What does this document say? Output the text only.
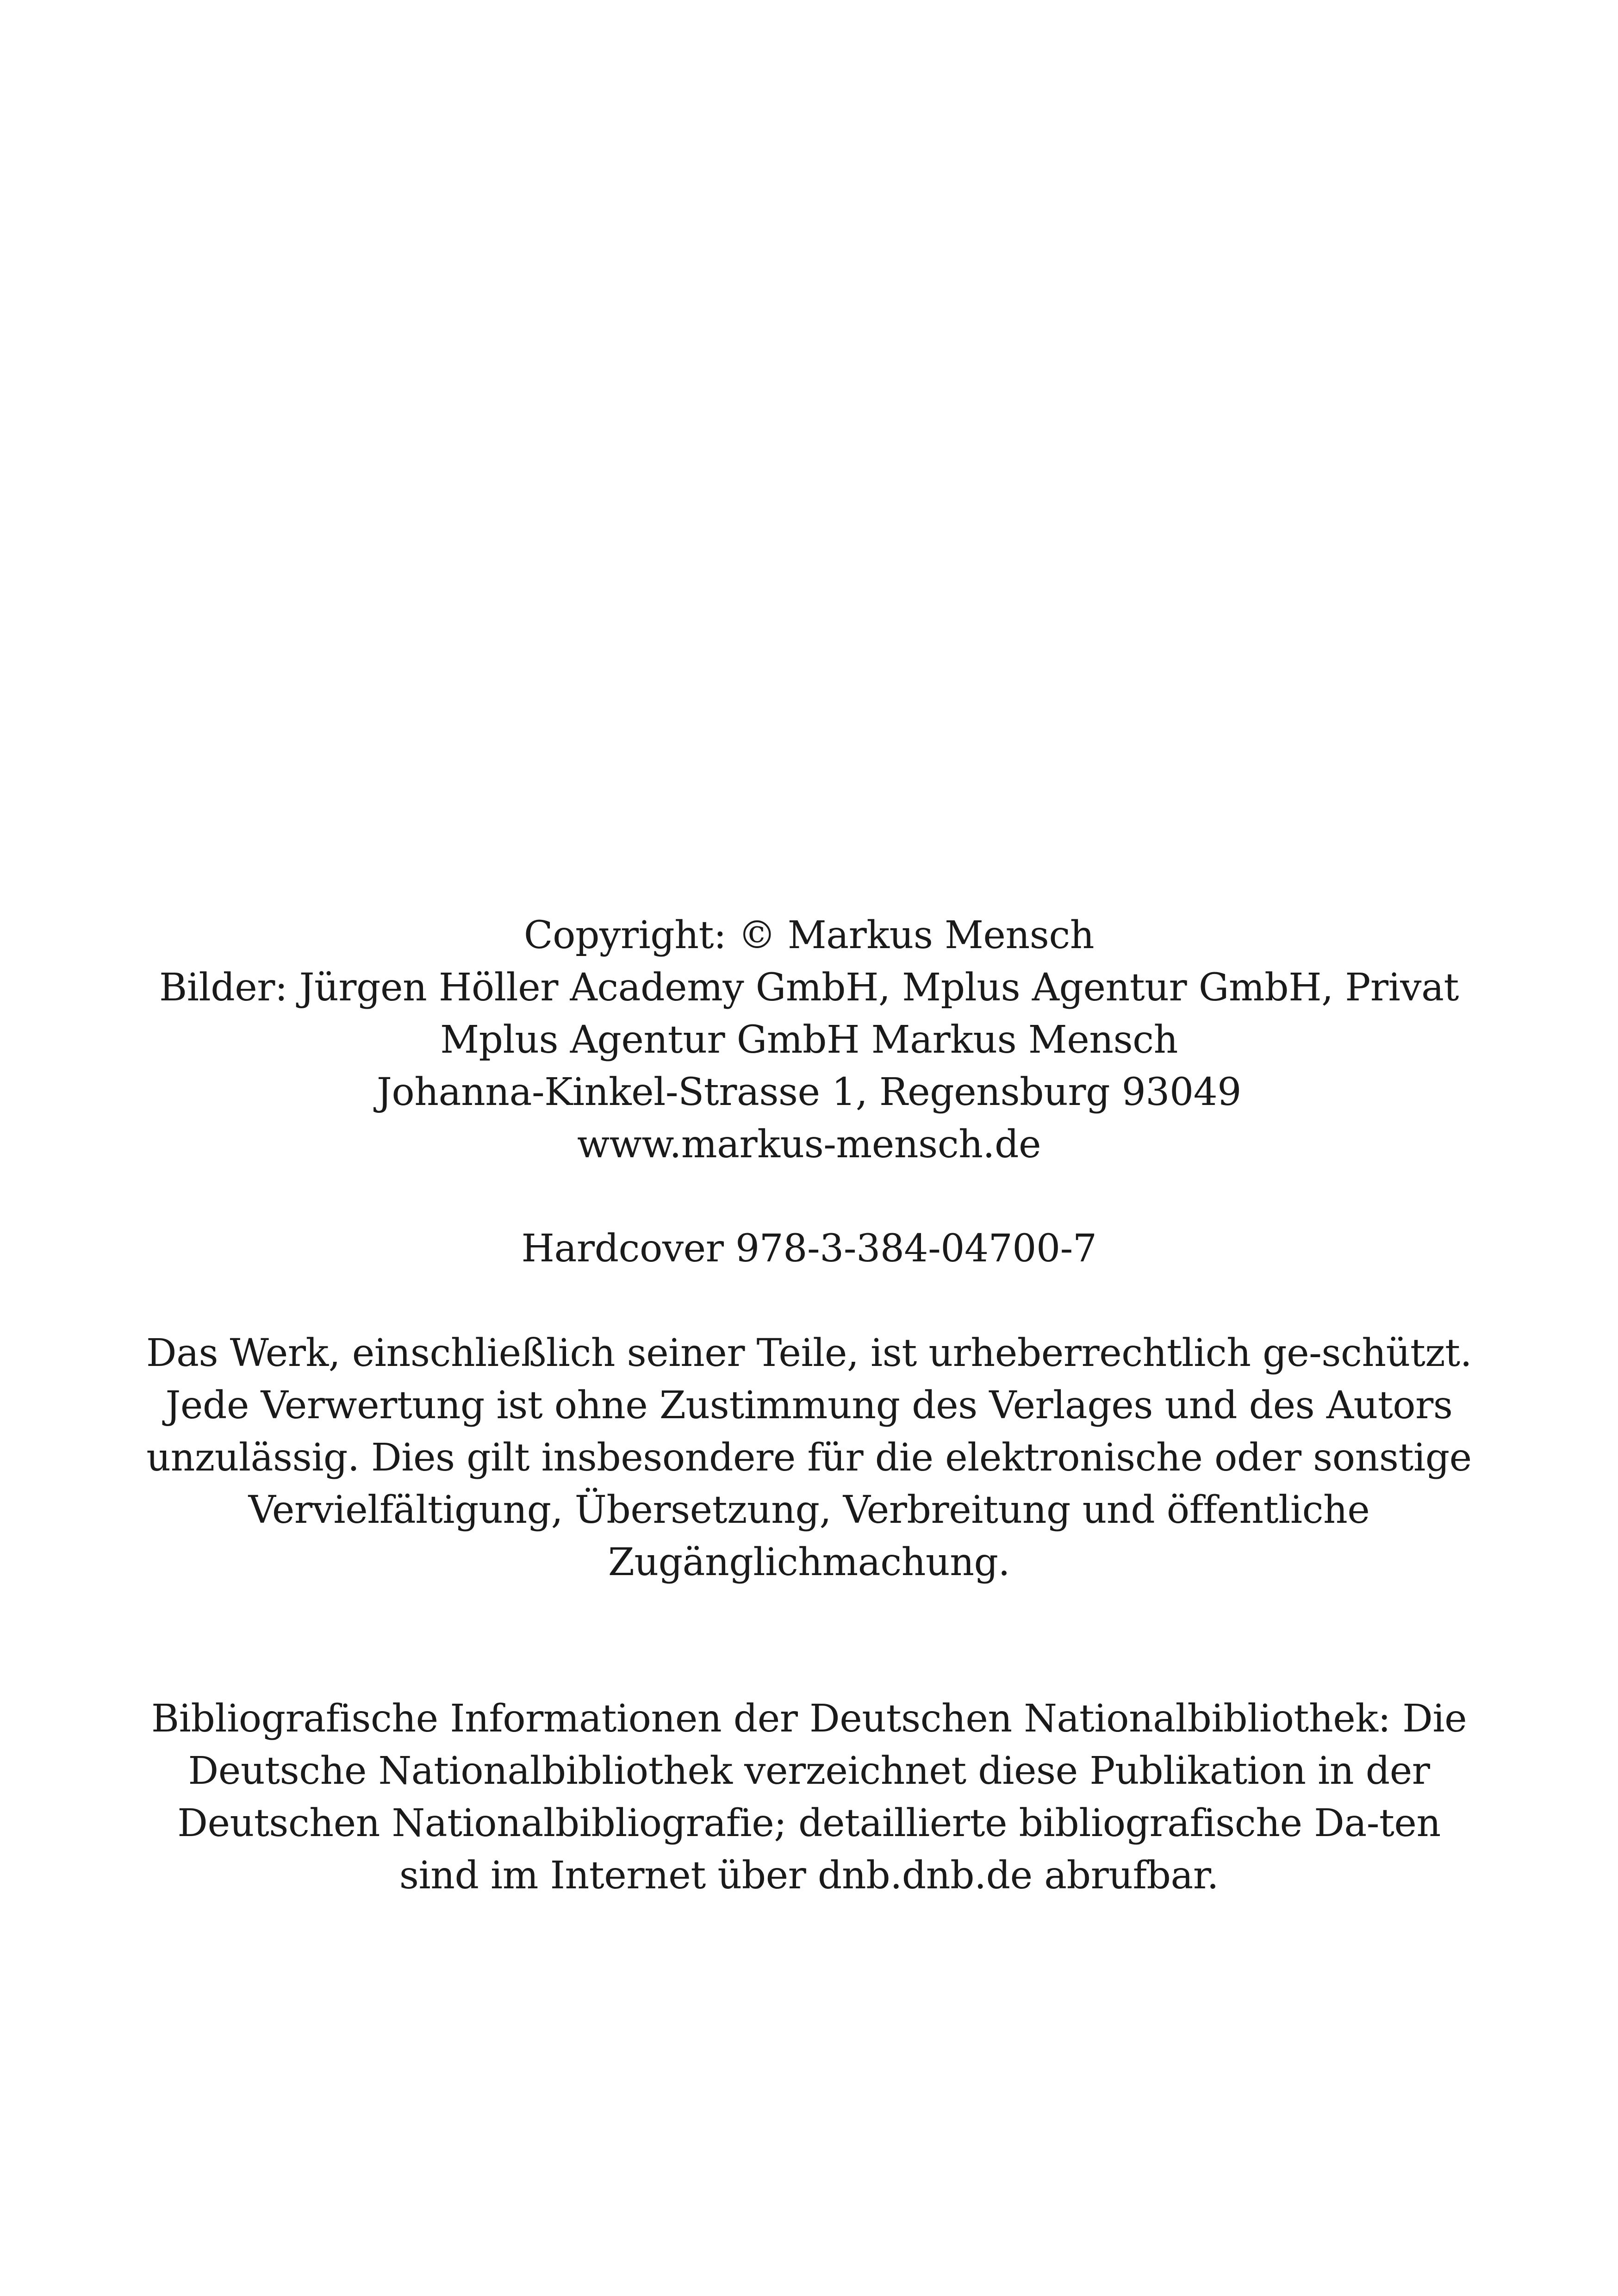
Copyright: © Markus Mensch
Bilder: Jürgen Höller Academy GmbH, Mplus Agentur GmbH, Privat
Mplus Agentur GmbH Markus Mensch
Johanna-Kinkel-Strasse 1, Regensburg 93049
www.markus-mensch.de
Hardcover 978-3-384-04700-7
Das Werk, einschließlich seiner Teile, ist urheberrechtlich ge-schützt.
Jede Verwertung ist ohne Zustimmung des Verlages und des Autors
unzulässig. Dies gilt insbesondere für die elektronische oder sonstige
Vervielfältigung, Übersetzung, Verbreitung und öffentliche
Zugänglichmachung.
Bibliografische Informationen der Deutschen Nationalbibliothek: Die
Deutsche Nationalbibliothek verzeichnet diese Publikation in der
Deutschen Nationalbibliografie; detaillierte bibliografische Da-ten
sind im Internet über dnb.dnb.de abrufbar.
